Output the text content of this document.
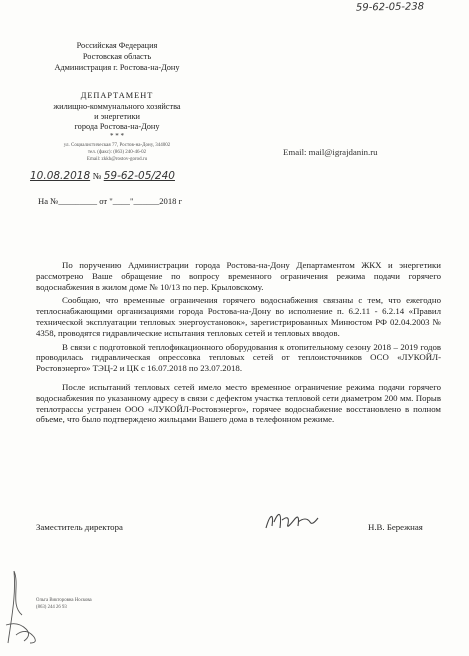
59-62-05-238
Российская Федерация
Ростовская область
Администрация г. Ростова-на-Дону
ДЕПАРТАМЕНТ
жилищно-коммунального хозяйства
и энергетики
города Ростова-на-Дону
* * *
ул. Социалистическая 77, Ростов-на-Дону, 344002
тел. (факс): (863) 240-46-02
Email: zkkh@rostov-gorod.ru
Email: mail@igrajdanin.ru
10.08.2018 № 59-62-05/240
На №_________ от "____"______2018 г

По поручению Администрации города Ростова-на-Дону Департаментом ЖКХ и энергетики рассмотрено Ваше обращение по вопросу временного ограничения режима подачи горячего водоснабжения в жилом доме № 10/13 по пер. Крыловскому.

Сообщаю, что временные ограничения горячего водоснабжения связаны с тем, что ежегодно теплоснабжающими организациями города Ростова-на-Дону во исполнение п. 6.2.11 - 6.2.14 «Правил технической эксплуатации тепловых энергоустановок», зарегистрированных Минюстом РФ 02.04.2003 № 4358, проводятся гидравлические испытания тепловых сетей и тепловых вводов.

В связи с подготовкой теплофикационного оборудования к отопительному сезону 2018 – 2019 годов проводилась гидравлическая опрессовка тепловых сетей от теплоисточников ОСО «ЛУКОЙЛ-Ростовэнерго» ТЭЦ-2 и ЦК с 16.07.2018 по 23.07.2018.

После испытаний тепловых сетей имело место временное ограничение режима подачи горячего водоснабжения по указанному адресу в связи с дефектом участка тепловой сети диаметром 200 мм. Порыв теплотрассы устранен ООО «ЛУКОЙЛ-Ростовэнерго», горячее водоснабжение восстановлено в полном объеме, что было подтверждено жильцами Вашего дома в телефонном режиме.

Заместитель директора	Н.В. Бережная
Ольга Викторовна Носкова
(863) 244 26 93
